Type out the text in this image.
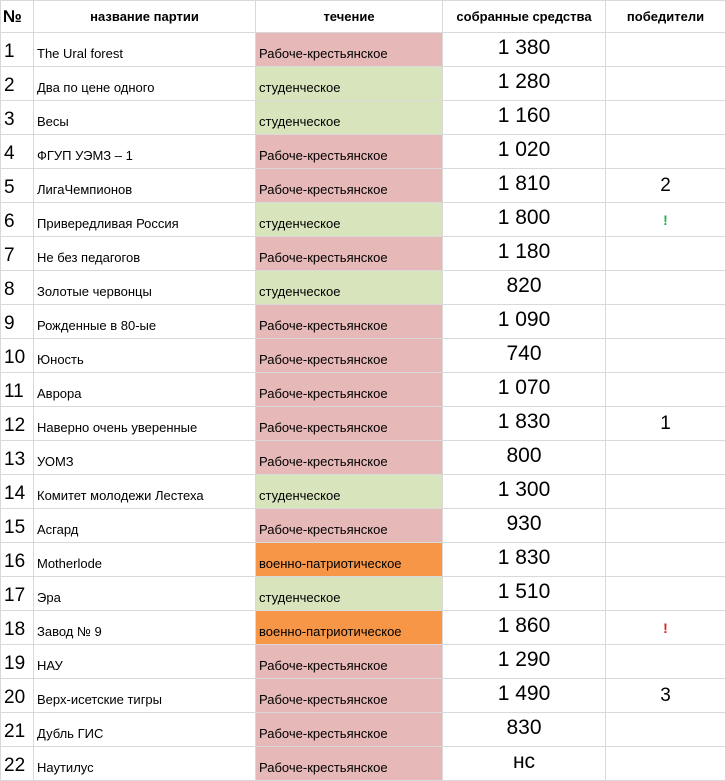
№	название партии	течение	собранные средства	победители
1	The Ural forest	Рабоче-крестьянское	1 380	
2	Два по цене одного	студенческое	1 280	
3	Весы	студенческое	1 160	
4	ФГУП УЭМЗ – 1	Рабоче-крестьянское	1 020	
5	ЛигаЧемпионов	Рабоче-крестьянское	1 810	2
6	Привередливая Россия	студенческое	1 800	!
7	Не без педагогов	Рабоче-крестьянское	1 180	
8	Золотые червонцы	студенческое	820	
9	Рожденные в 80-ые	Рабоче-крестьянское	1 090	
10	Юность	Рабоче-крестьянское	740	
11	Аврора	Рабоче-крестьянское	1 070	
12	Наверно очень уверенные	Рабоче-крестьянское	1 830	1
13	УОМЗ	Рабоче-крестьянское	800	
14	Комитет молодежи Лестеха	студенческое	1 300	
15	Асгард	Рабоче-крестьянское	930	
16	Motherlode	военно-патриотическое	1 830	
17	Эра	студенческое	1 510	
18	Завод № 9	военно-патриотическое	1 860	!
19	НАУ	Рабоче-крестьянское	1 290	
20	Верх-исетские тигры	Рабоче-крестьянское	1 490	3
21	Дубль ГИС	Рабоче-крестьянское	830	
22	Наутилус	Рабоче-крестьянское	нс	
